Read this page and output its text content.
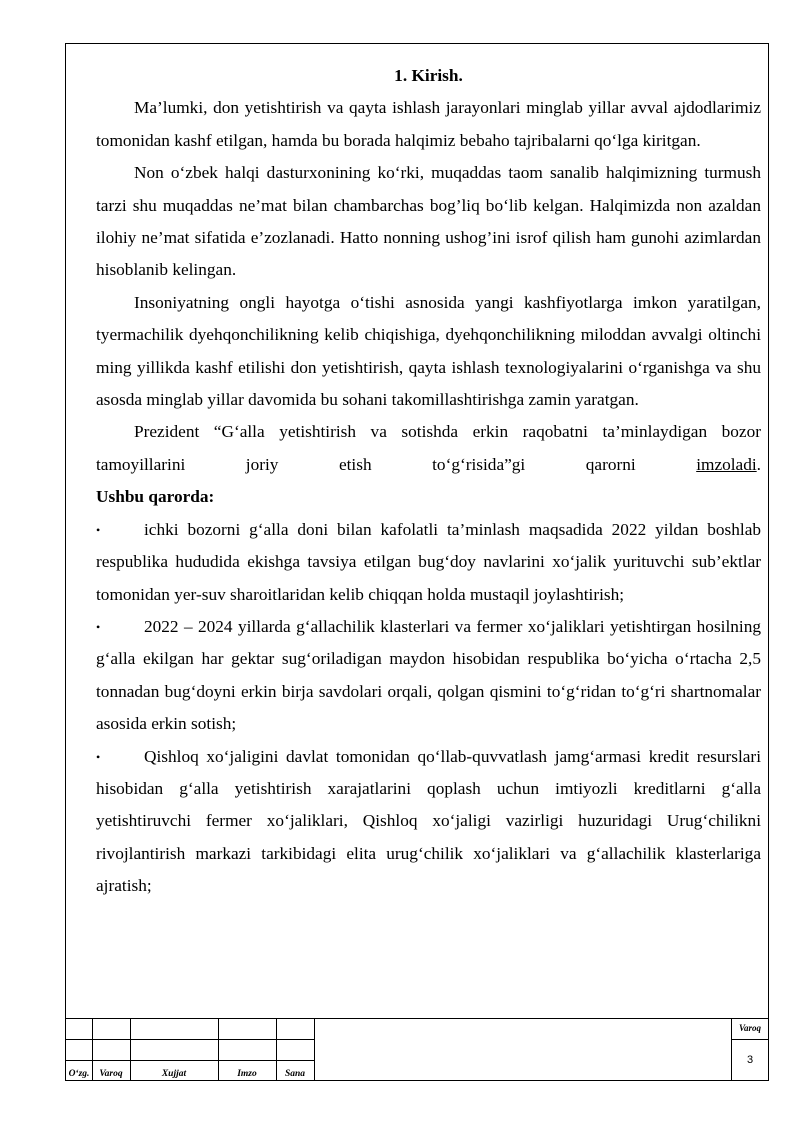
1. Kirish.

Ma’lumki, don yetishtirish va qayta ishlash jarayonlari minglab yillar avval ajdodlarimiz tomonidan kashf etilgan, hamda bu borada halqimiz bebaho tajribalarni qo‘lga kiritgan.

Non o‘zbek halqi dasturxonining ko‘rki, muqaddas taom sanalib halqimizning turmush tarzi shu muqaddas ne’mat bilan chambarchas bog’liq bo‘lib kelgan. Halqimizda non azaldan ilohiy ne’mat sifatida e’zozlanadi. Hatto nonning ushog’ini isrof qilish ham gunohi azimlardan hisoblanib kelingan.

Insoniyatning ongli hayotga o‘tishi asnosida yangi kashfiyotlarga imkon yaratilgan, tyermachilik dyehqonchilikning kelib chiqishiga, dyehqonchilikning miloddan avvalgi oltinchi ming yillikda kashf etilishi don yetishtirish, qayta ishlash texnologiyalarini o‘rganishga va shu asosda minglab yillar davomida bu sohani takomillashtirishga zamin yaratgan.

Prezident “G‘alla yetishtirish va sotishda erkin raqobatni ta’minlaydigan bozor tamoyillarini joriy etish to‘g‘risida”gi qarorni imzoladi.

Ushbu qarorda:

•	ichki bozorni g‘alla doni bilan kafolatli ta’minlash maqsadida 2022 yildan boshlab respublika hududida ekishga tavsiya etilgan bug‘doy navlarini xo‘jalik yurituvchi sub’ektlar tomonidan yer-suv sharoitlaridan kelib chiqqan holda mustaqil joylashtirish;

•	2022 – 2024 yillarda g‘allachilik klasterlari va fermer xo‘jaliklari yetishtirgan hosilning g‘alla ekilgan har gektar sug‘oriladigan maydon hisobidan respublika bo‘yicha o‘rtacha 2,5 tonnadan bug‘doyni erkin birja savdolari orqali, qolgan qismini to‘g‘ridan to‘g‘ri shartnomalar asosida erkin sotish;

•	Qishloq xo‘jaligini davlat tomonidan qo‘llab-quvvatlash jamg‘armasi kredit resurslari hisobidan g‘alla yetishtirish xarajatlarini qoplash uchun imtiyozli kreditlarni g‘alla yetishtiruvchi fermer xo‘jaliklari, Qishloq xo‘jaligi vazirligi huzuridagi Urug‘chilikni rivojlantirish markazi tarkibidagi elita urug‘chilik xo‘jaliklari va g‘allachilik klasterlariga ajratish;

O‘zg.	Varoq	Xujjat	Imzo	Sana
Varoq
3
